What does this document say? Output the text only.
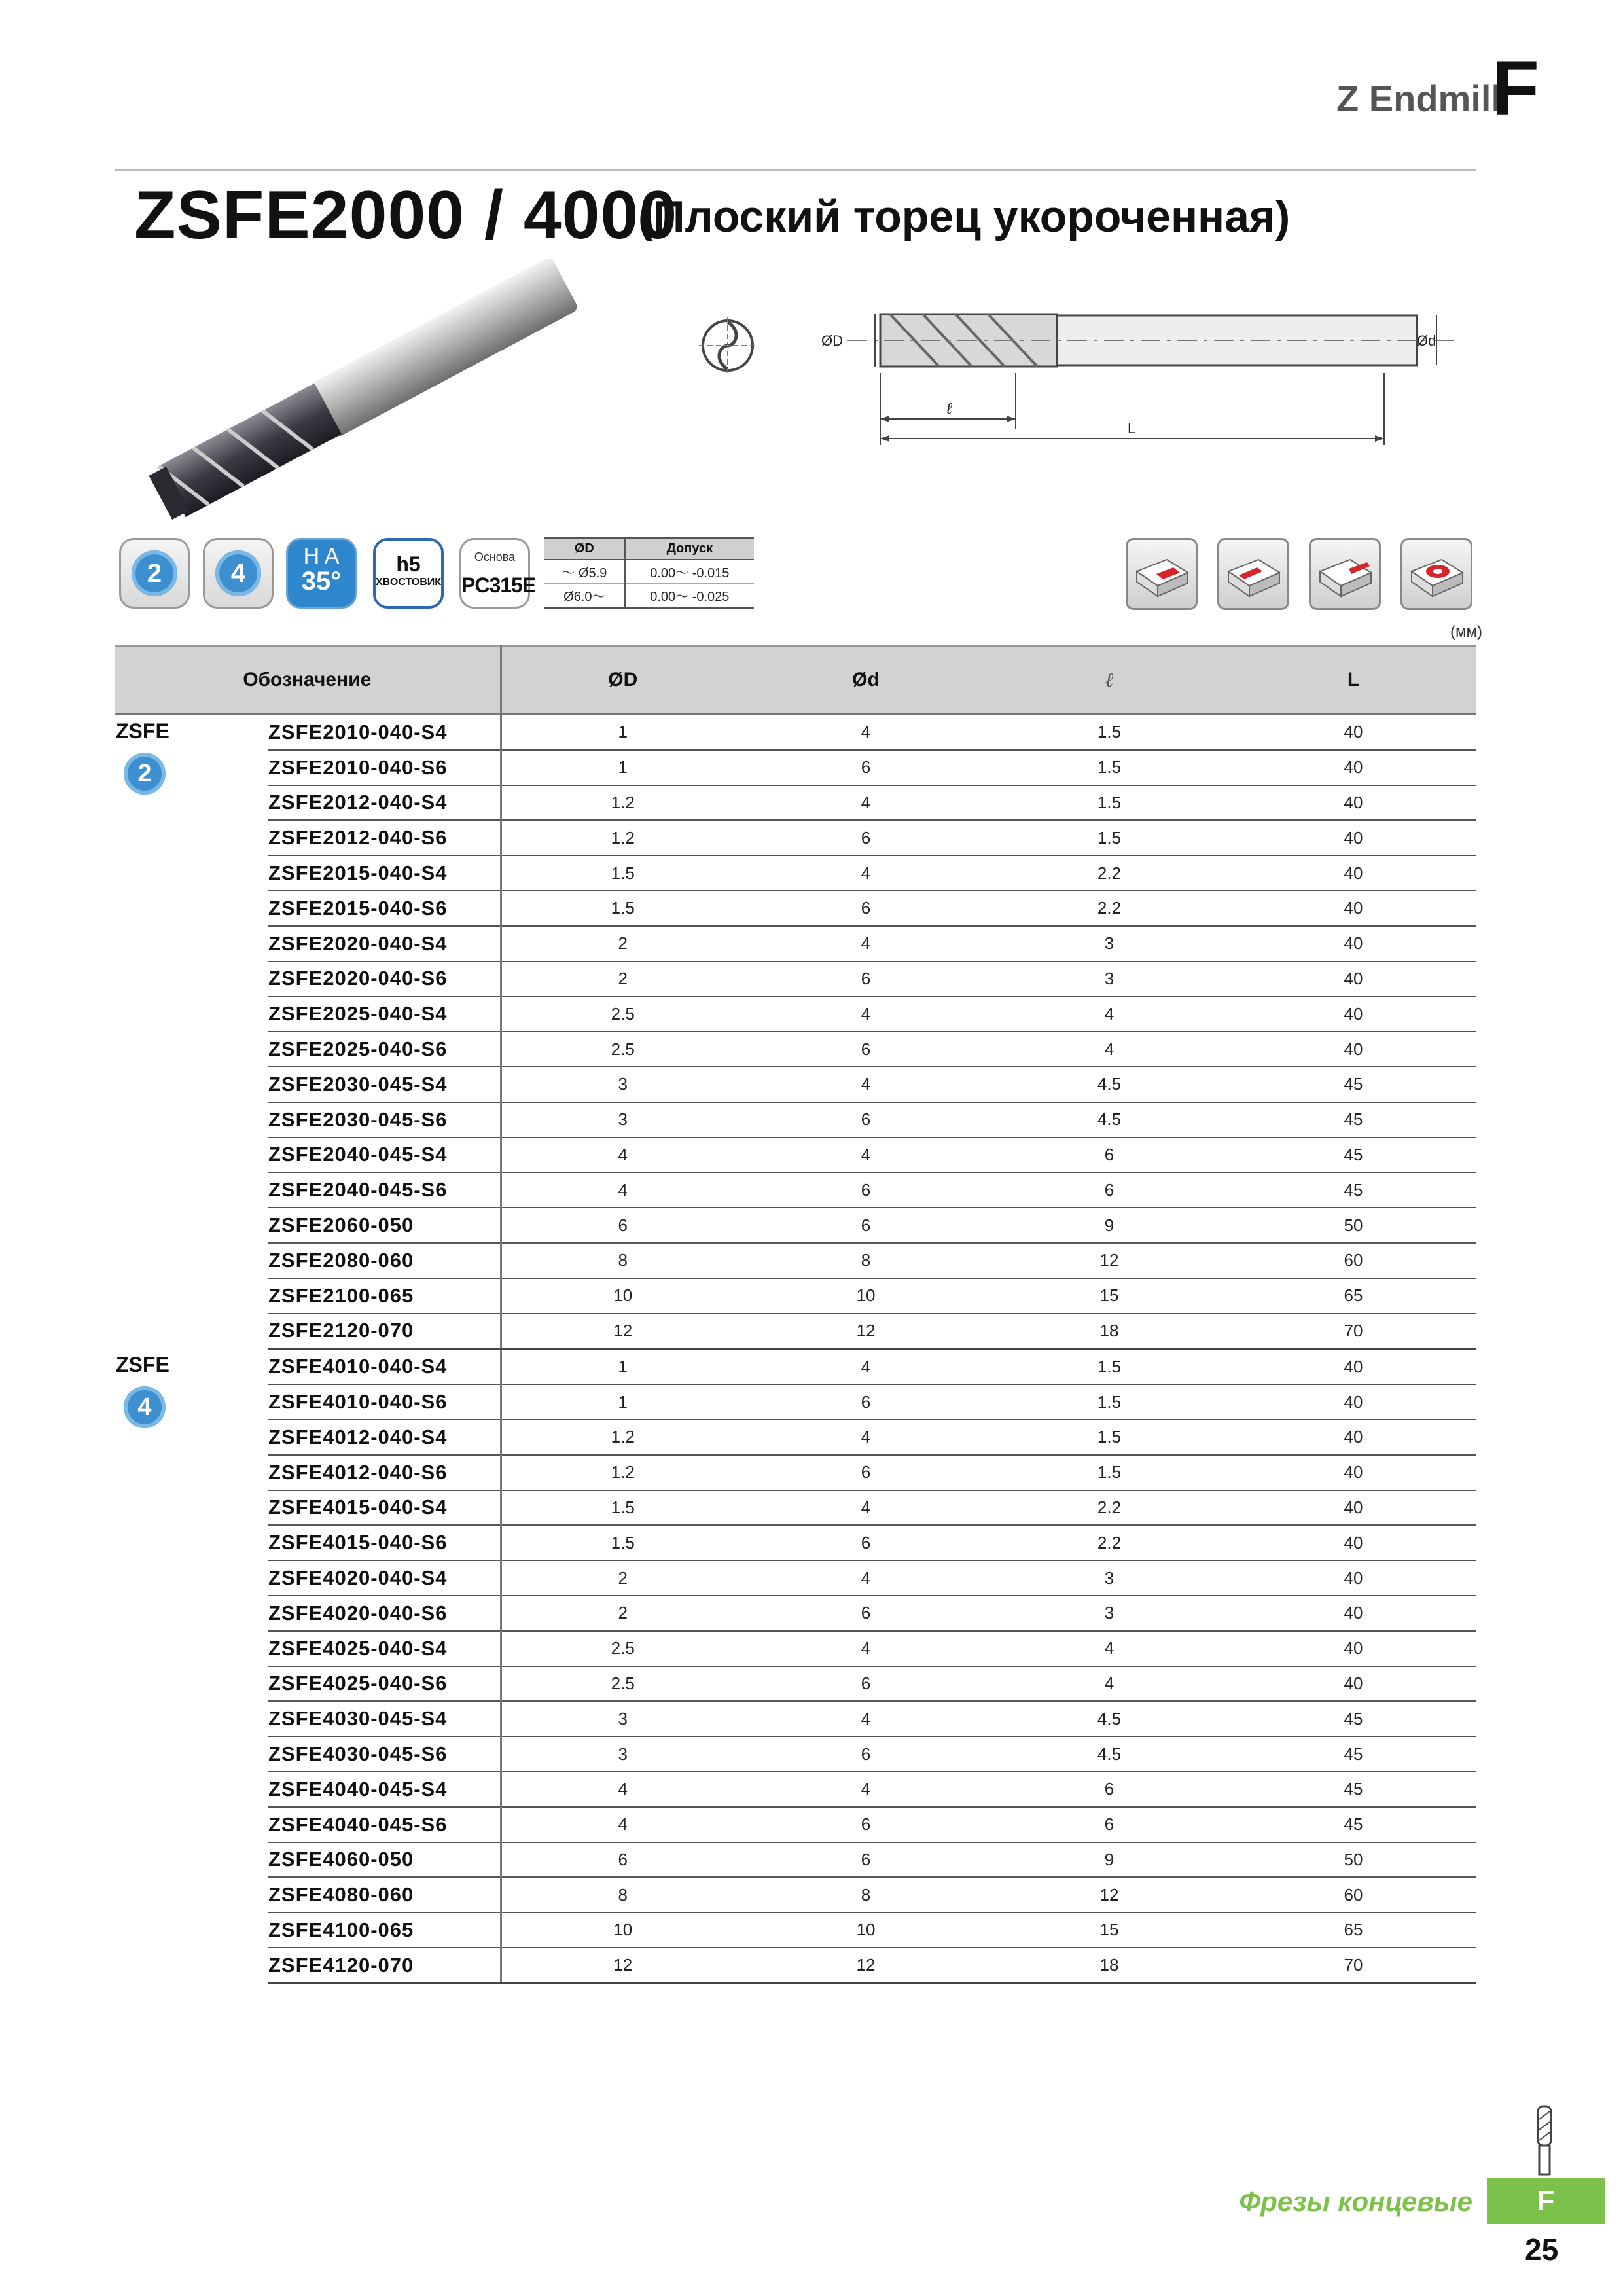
Z Endmill
F
ZSFE2000 / 4000
(Плоский торец укороченная)
ØD	Ød
ℓ
L
2	4
H A
35°
h5
ХВОСТОВИК
Основа
PC315E
ØD	Допуск
～ Ø5.9	0.00～ -0.015
Ø6.0～	0.00～ -0.025
(мм)
Обозначение		ØD	Ød	ℓ	L

ZSFE
2	ZSFE2010-040-S4	1	4	1.5	40
	ZSFE2010-040-S6	1	6	1.5	40
	ZSFE2012-040-S4	1.2	4	1.5	40
	ZSFE2012-040-S6	1.2	6	1.5	40
	ZSFE2015-040-S4	1.5	4	2.2	40
	ZSFE2015-040-S6	1.5	6	2.2	40
	ZSFE2020-040-S4	2	4	3	40
	ZSFE2020-040-S6	2	6	3	40
	ZSFE2025-040-S4	2.5	4	4	40
	ZSFE2025-040-S6	2.5	6	4	40
	ZSFE2030-045-S4	3	4	4.5	45
	ZSFE2030-045-S6	3	6	4.5	45
	ZSFE2040-045-S4	4	4	6	45
	ZSFE2040-045-S6	4	6	6	45
	ZSFE2060-050	6	6	9	50
	ZSFE2080-060	8	8	12	60
	ZSFE2100-065	10	10	15	65
	ZSFE2120-070	12	12	18	70

ZSFE
4	ZSFE4010-040-S4	1	4	1.5	40
	ZSFE4010-040-S6	1	6	1.5	40
	ZSFE4012-040-S4	1.2	4	1.5	40
	ZSFE4012-040-S6	1.2	6	1.5	40
	ZSFE4015-040-S4	1.5	4	2.2	40
	ZSFE4015-040-S6	1.5	6	2.2	40
	ZSFE4020-040-S4	2	4	3	40
	ZSFE4020-040-S6	2	6	3	40
	ZSFE4025-040-S4	2.5	4	4	40
	ZSFE4025-040-S6	2.5	6	4	40
	ZSFE4030-045-S4	3	4	4.5	45
	ZSFE4030-045-S6	3	6	4.5	45
	ZSFE4040-045-S4	4	4	6	45
	ZSFE4040-045-S6	4	6	6	45
	ZSFE4060-050	6	6	9	50
	ZSFE4080-060	8	8	12	60
	ZSFE4100-065	10	10	15	65
	ZSFE4120-070	12	12	18	70
Фрезы концевые	F
25
